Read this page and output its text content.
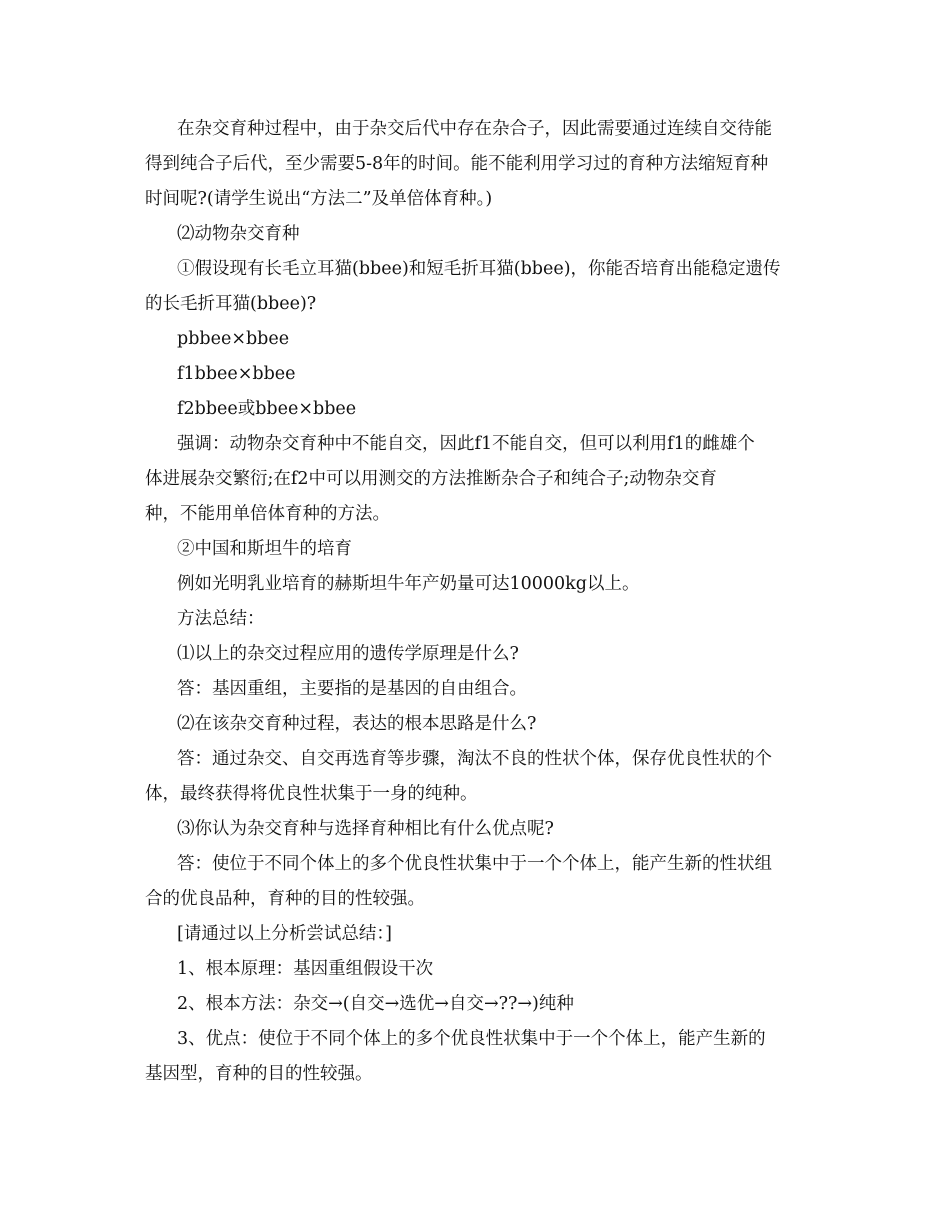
在杂交育种过程中，由于杂交后代中存在杂合子，因此需要通过连续自交待能
得到纯合子后代，至少需要5-8年的时间。能不能利用学习过的育种方法缩短育种
时间呢?(请学生说出“方法二”及单倍体育种。)
⑵动物杂交育种
①假设现有长毛立耳猫(bbee)和短毛折耳猫(bbee)，你能否培育出能稳定遗传
的长毛折耳猫(bbee)?
pbbee×bbee
f1bbee×bbee
f2bbee或bbee×bbee
强调：动物杂交育种中不能自交，因此f1不能自交，但可以利用f1的雌雄个
体进展杂交繁衍;在f2中可以用测交的方法推断杂合子和纯合子;动物杂交育
种，不能用单倍体育种的方法。
②中国和斯坦牛的培育
例如光明乳业培育的赫斯坦牛年产奶量可达10000kg以上。
方法总结：
⑴以上的杂交过程应用的遗传学原理是什么?
答：基因重组，主要指的是基因的自由组合。
⑵在该杂交育种过程，表达的根本思路是什么?
答：通过杂交、自交再选育等步骤，淘汰不良的性状个体，保存优良性状的个
体，最终获得将优良性状集于一身的纯种。
⑶你认为杂交育种与选择育种相比有什么优点呢?
答：使位于不同个体上的多个优良性状集中于一个个体上，能产生新的性状组
合的优良品种，育种的目的性较强。
[请通过以上分析尝试总结：]
1、根本原理：基因重组假设干次
2、根本方法：杂交→(自交→选优→自交→??→)纯种
3、优点：使位于不同个体上的多个优良性状集中于一个个体上，能产生新的
基因型，育种的目的性较强。
